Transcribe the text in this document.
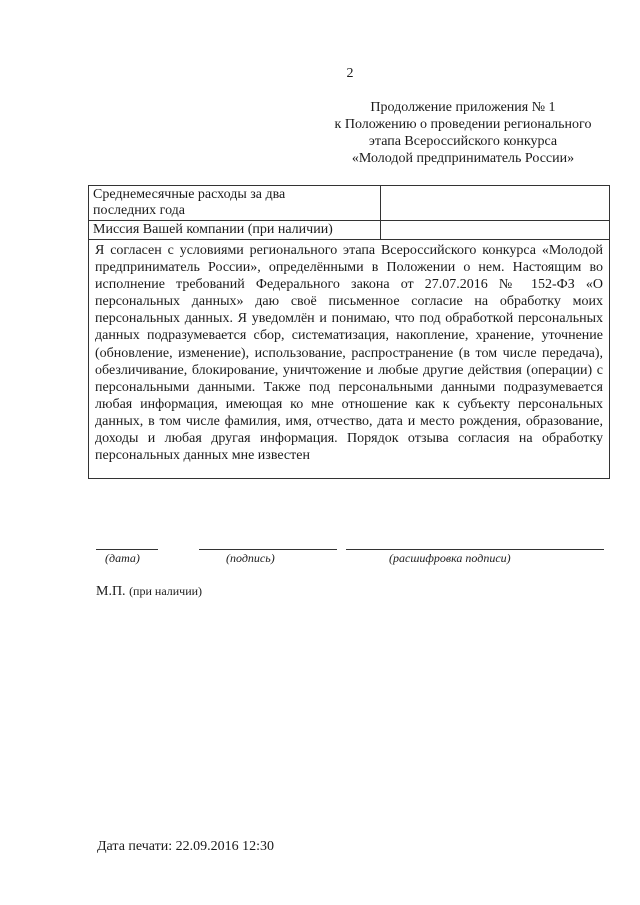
2
Продолжение приложения № 1
к Положению о проведении регионального
этапа Всероссийского конкурса
«Молодой предприниматель России»
Среднемесячные расходы за два
последних года
Миссия Вашей компании (при наличии)
Я согласен с условиями регионального этапа Всероссийского конкурса «Молодой предприниматель России», определёнными в Положении о нем. Настоящим во исполнение требований Федерального закона от 27.07.2016 № 152-ФЗ «О персональных данных» даю своё письменное согласие на обработку моих персональных данных. Я уведомлён и понимаю, что под обработкой персональных данных подразумевается сбор, систематизация, накопление, хранение, уточнение (обновление, изменение), использование, распространение (в том числе передача), обезличивание, блокирование, уничтожение и любые другие действия (операции) с персональными данными. Также под персональными данными подразумевается любая информация, имеющая ко мне отношение как к субъекту персональных данных, в том числе фамилия, имя, отчество, дата и место рождения, образование, доходы и любая другая информация. Порядок отзыва согласия на обработку персональных данных мне известен
(дата)	(подпись)	(расшифровка подписи)
М.П. (при наличии)
Дата печати: 22.09.2016 12:30
